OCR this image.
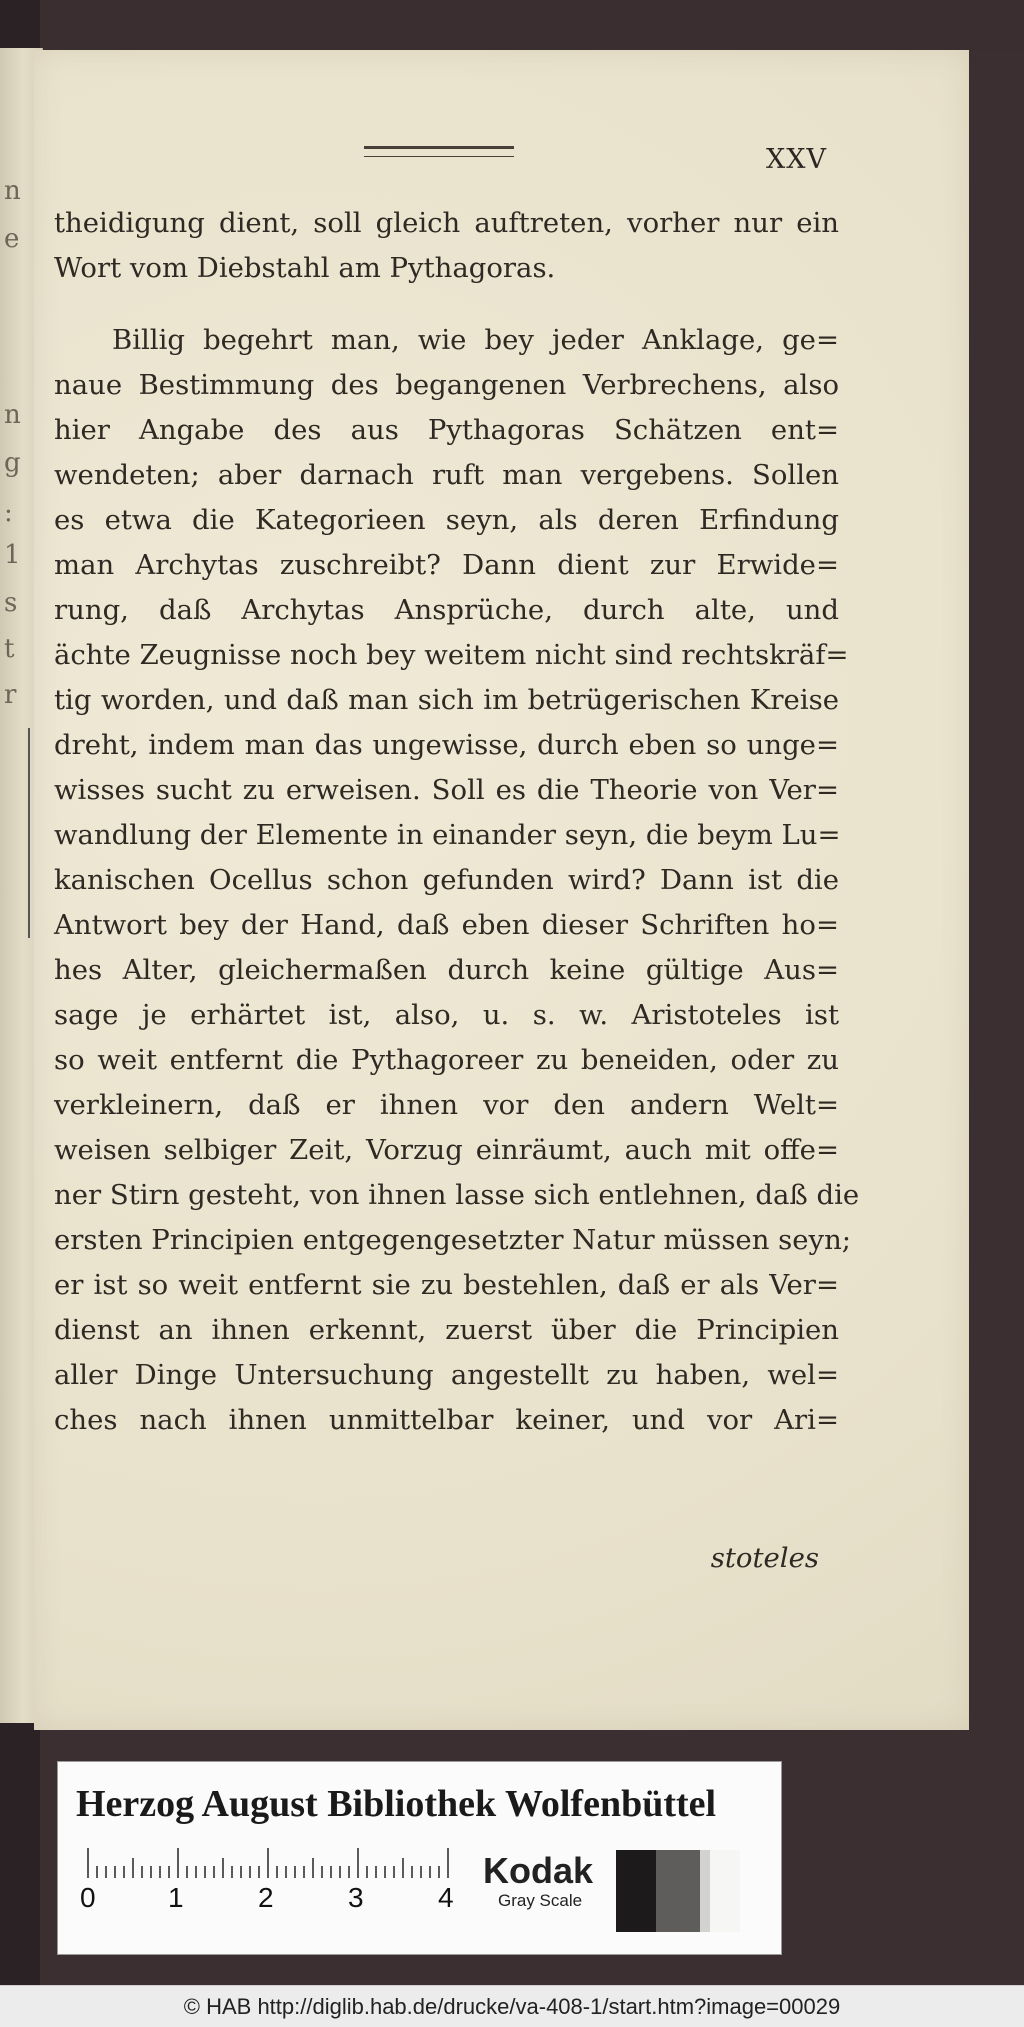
n
e
n
g
:
1
s
t
r
XXV
theidigung dient, soll gleich auftreten, vorher nur ein
Wort vom Diebstahl am Pythagoras.
Billig begehrt man, wie bey jeder Anklage, ge=
naue Bestimmung des begangenen Verbrechens, also
hier Angabe des aus Pythagoras Schätzen ent=
wendeten; aber darnach ruft man vergebens. Sollen
es etwa die Kategorieen seyn, als deren Erfindung
man Archytas zuschreibt? Dann dient zur Erwide=
rung, daß Archytas Ansprüche, durch alte, und
ächte Zeugnisse noch bey weitem nicht sind rechtskräf=
tig worden, und daß man sich im betrügerischen Kreise
dreht, indem man das ungewisse, durch eben so unge=
wisses sucht zu erweisen. Soll es die Theorie von Ver=
wandlung der Elemente in einander seyn, die beym Lu=
kanischen Ocellus schon gefunden wird? Dann ist die
Antwort bey der Hand, daß eben dieser Schriften ho=
hes Alter, gleichermaßen durch keine gültige Aus=
sage je erhärtet ist, also, u. s. w. Aristoteles ist
so weit entfernt die Pythagoreer zu beneiden, oder zu
verkleinern, daß er ihnen vor den andern Welt=
weisen selbiger Zeit, Vorzug einräumt, auch mit offe=
ner Stirn gesteht, von ihnen lasse sich entlehnen, daß die
ersten Principien entgegengesetzter Natur müssen seyn;
er ist so weit entfernt sie zu bestehlen, daß er als Ver=
dienst an ihnen erkennt, zuerst über die Principien
aller Dinge Untersuchung angestellt zu haben, wel=
ches nach ihnen unmittelbar keiner, und vor Ari=
stoteles
Herzog August Bibliothek Wolfenbüttel
0	1	2	3	4
Kodak
Gray Scale
© HAB http://diglib.hab.de/drucke/va-408-1/start.htm?image=00029
